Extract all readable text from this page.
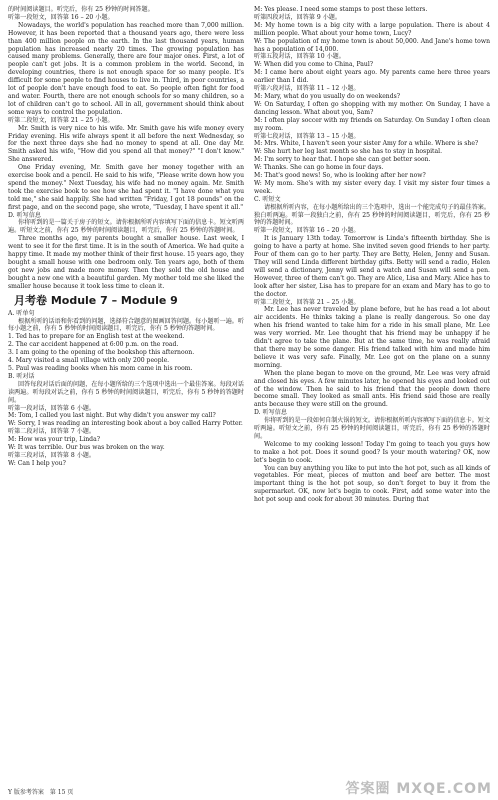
的时间阅读题目。听完后，你有 25 秒钟的时间答题。

听第一段短文，回答第 16 – 20 小题。

Nowadays, the world's population has reached more than 7,000 million. However, it has been reported that a thousand years ago, there were less than 400 million people on the earth. In the last thousand years, human population has increased nearly 20 times. The growing population has caused many problems. Generally, there are four major ones. First, a lot of people can't get jobs. It is a common problem in the world. Second, in developing countries, there is not enough space for so many people. It's difficult for some people to find houses to live in. Third, in poor countries, a lot of people don't have enough food to eat. So people often fight for food and water. Fourth, there are not enough schools for so many children, so a lot of children can't go to school. All in all, government should think about some ways to control the population.

听第二段短文，回答第 21 – 25 小题。

Mr. Smith is very nice to his wife. Mr. Smith gave his wife money every Friday evening. His wife always spent it all before the next Wednesday, so for the next three days she had no money to spend at all. One day Mr. Smith asked his wife, "How did you spend all that money?" "I don't know." She answered.

One Friday evening, Mr. Smith gave her money together with an exercise book and a pencil. He said to his wife, "Please write down how you spend the money." Next Tuesday, his wife had no money again. Mr. Smith took the exercise book to see how she had spent it. "I have done what you told me," she said happily. She had written "Friday, I got 18 pounds" on the first page, and on the second page, she wrote, "Tuesday, I have spent it all."

D. 听写信息

你将听到的是一篇关于房子的短文。请你根据所听内容填写下面的信息卡。短文听两遍。听短文之前，你有 25 秒钟的时间阅读题目，听完后，你有 25 秒钟的答题时间。

Three months ago, my parents bought a smaller house. Last week, I went to see it for the first time. It is in the south of America. We had quite a happy time. It made my mother think of their first house. 15 years ago, they bought a small house with one bedroom only. Ten years ago, both of them got new jobs and made more money. Then they sold the old house and bought a new one with a beautiful garden. My mother told me she liked the smaller house because it took less time to clean it.

月考卷 Module 7 – Module 9

A. 听单句

根据所听的话语和你看到的问题，选择符合题意的图画回答问题。每小题听一遍。听每小题之前，你有 5 秒钟的时间阅读题目，听完后，你有 5 秒钟的答题时间。

1. Ted has to prepare for an English test at the weekend.

2. The car accident happened at 6:00 p.m. on the road.

3. I am going to the opening of the bookshop this afternoon.

4. Mary visited a small village with only 200 people.

5. Paul was reading books when his mom came in his room.

B. 听对话

回答每段对话后面的问题，在每小题所给的三个选项中选出一个最佳答案。每段对话读两遍。听每段对话之前，你有 5 秒钟的时间阅读题目，听完后，你有 5 秒钟的答题时间。

听第一段对话，回答第 6 小题。

M: Tom, I called you last night. But why didn't you answer my call?

W: Sorry, I was reading an interesting book about a boy called Harry Potter.

听第二段对话，回答第 7 小题。

M: How was your trip, Linda?

W: It was terrible. Our bus was broken on the way.

听第三段对话，回答第 8 小题。

W: Can I help you?

M: Yes please. I need some stamps to post these letters.

听第四段对话，回答第 9 小题。

M: My home town is a big city with a large population. There is about 4 million people. What about your home town, Lucy?

W: The population of my home town is about 50,000. And Jane's home town has a population of 14,000.

听第五段对话，回答第 10 小题。

W: When did you come to China, Paul?

M: I came here about eight years ago. My parents came here three years earlier than I did.

听第六段对话，回答第 11 – 12 小题。

M: Mary, what do you usually do on weekends?

W: On Saturday, I often go shopping with my mother. On Sunday, I have a dancing lesson. What about you, Sam?

M: I often play soccer with my friends on Saturday. On Sunday I often clean my room.

听第七段对话，回答第 13 – 15 小题。

M: Mrs. White, I haven't seen your sister Amy for a while. Where is she?

W: She hurt her leg last month so she has to stay in hospital.

M: I'm sorry to hear that. I hope she can get better soon.

W: Thanks. She can go home in four days.

M: That's good news! So, who is looking after her now?

W: My mom. She's with my sister every day. I visit my sister four times a week.

C. 听短文

请根据所听内容，在每小题所给出的三个选项中，选出一个能完成句子的最佳答案。独白听两遍。听第一段独白之前，你有 25 秒钟的时间阅读题目，听完后，你有 25 秒钟的答题时间。

听第一段短文，回答第 16 – 20 小题。

It is January 13th today. Tomorrow is Linda's fifteenth birthday. She is going to have a party at home. She invited seven good friends to her party. Four of them can go to her party. They are Betty, Helen, Jenny and Susan. They will send Linda different birthday gifts. Betty will send a radio, Helen will send a dictionary, Jenny will send a watch and Susan will send a pen. However, three of them can't go. They are Alice, Lisa and Mary. Alice has to look after her sister, Lisa has to prepare for an exam and Mary has to go to the doctor.

听第二段短文，回答第 21 – 25 小题。

Mr. Lee has never traveled by plane before, but he has read a lot about air accidents. He thinks taking a plane is really dangerous. So one day when his friend wanted to take him for a ride in his small plane, Mr. Lee was very worried. Mr. Lee thought that his friend may be unhappy if he didn't agree to take the plane. But at the same time, he was really afraid that there may be some danger. His friend talked with him and made him believe it was very safe. Finally, Mr. Lee got on the plane on a sunny morning.

When the plane began to move on the ground, Mr. Lee was very afraid and closed his eyes. A few minutes later, he opened his eyes and looked out of the window. Then he said to his friend that the people down there become small. They looked as small ants. His friend said those are really ants because they were still on the ground.

D. 听写信息

你将听到的是一段如何自制火锅的短文。请你根据所听内容填写下面的信息卡。短文听两遍。听短文之前，你有 25 秒钟的时间阅读题目，听完后，你有 25 秒钟的答题时间。

Welcome to my cooking lesson! Today I'm going to teach you guys how to make a hot pot. Does it sound good? Is your mouth watering? OK, now let's begin to cook.

You can buy anything you like to put into the hot pot, such as all kinds of vegetables. For meat, pieces of mutton and beef are better. The most important thing is the hot pot soup, so don't forget to buy it from the supermarket. OK, now let's begin to cook. First, add some water into the hot pot soup and cook for about 30 minutes. During that

Y 版参考答案　第 15 页	答案圈 MXQE.COM
